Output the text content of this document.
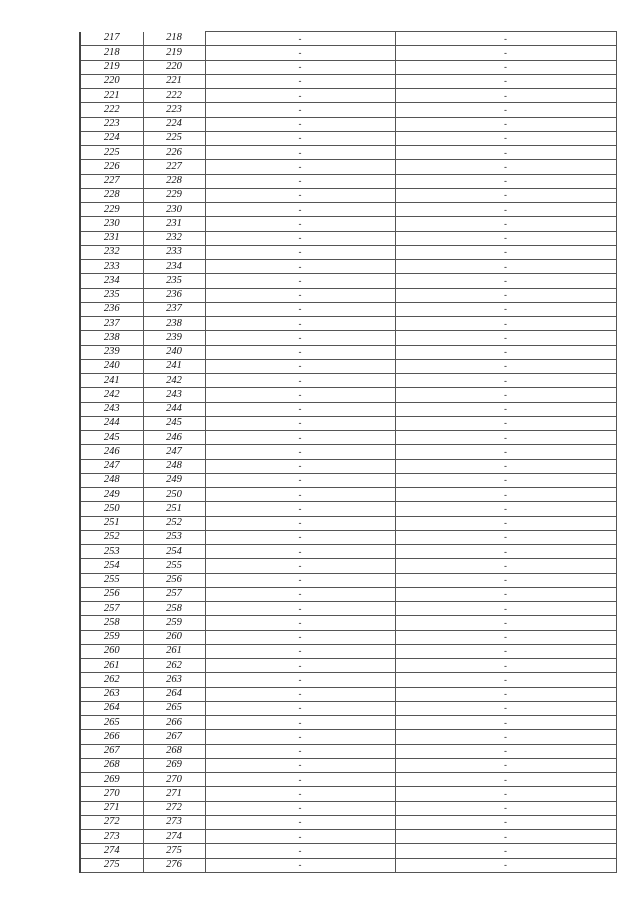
217	218	-	-
218	219	-	-
219	220	-	-
220	221	-	-
221	222	-	-
222	223	-	-
223	224	-	-
224	225	-	-
225	226	-	-
226	227	-	-
227	228	-	-
228	229	-	-
229	230	-	-
230	231	-	-
231	232	-	-
232	233	-	-
233	234	-	-
234	235	-	-
235	236	-	-
236	237	-	-
237	238	-	-
238	239	-	-
239	240	-	-
240	241	-	-
241	242	-	-
242	243	-	-
243	244	-	-
244	245	-	-
245	246	-	-
246	247	-	-
247	248	-	-
248	249	-	-
249	250	-	-
250	251	-	-
251	252	-	-
252	253	-	-
253	254	-	-
254	255	-	-
255	256	-	-
256	257	-	-
257	258	-	-
258	259	-	-
259	260	-	-
260	261	-	-
261	262	-	-
262	263	-	-
263	264	-	-
264	265	-	-
265	266	-	-
266	267	-	-
267	268	-	-
268	269	-	-
269	270	-	-
270	271	-	-
271	272	-	-
272	273	-	-
273	274	-	-
274	275	-	-
275	276	-	-
